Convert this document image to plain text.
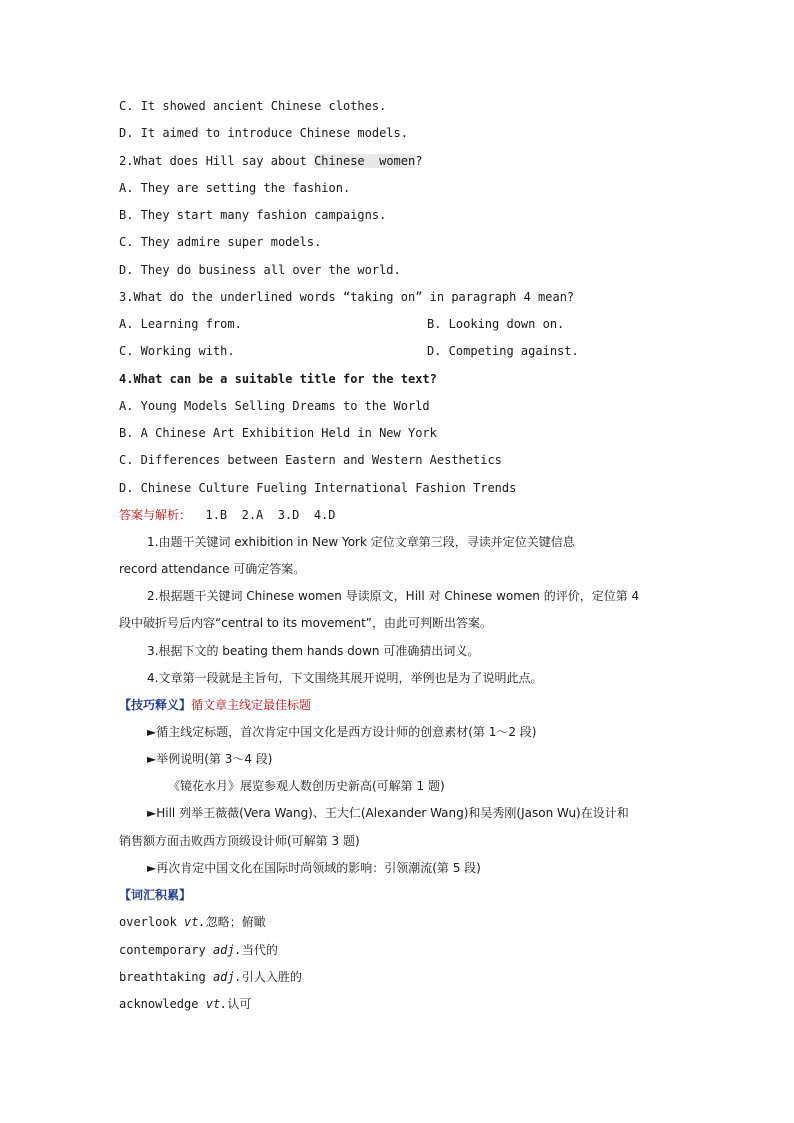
C. It showed ancient Chinese clothes.
D. It aimed to introduce Chinese models.
2.What does Hill say about Chinese  women?
A. They are setting the fashion.
B. They start many fashion campaigns.
C. They admire super models.
D. They do business all over the world.
3.What do the underlined words “taking on” in paragraph 4 mean?
A. Learning from.	B. Looking down on.
C. Working with.	D. Competing against.
4.What can be a suitable title for the text?
A. Young Models Selling Dreams to the World
B. A Chinese Art Exhibition Held in New York
C. Differences between Eastern and Western Aesthetics
D. Chinese Culture Fueling International Fashion Trends
答案与解析：  1.B  2.A  3.D  4.D
1.由题干关键词 exhibition in New York 定位文章第三段，寻读并定位关键信息
record attendance 可确定答案。
2.根据题干关键词 Chinese women 导读原文，Hill 对 Chinese women 的评价，定位第 4
段中破折号后内容“central to its movement”，由此可判断出答案。
3.根据下文的 beating them hands down 可准确猜出词义。
4.文章第一段就是主旨句，下文围绕其展开说明，举例也是为了说明此点。
【技巧释义】循文章主线定最佳标题
►循主线定标题，首次肯定中国文化是西方设计师的创意素材(第 1～2 段)
►举例说明(第 3～4 段)
《镜花水月》展览参观人数创历史新高(可解第 1 题)
►Hill 列举王薇薇(Vera Wang)、王大仁(Alexander Wang)和吴秀刚(Jason Wu)在设计和
销售额方面击败西方顶级设计师(可解第 3 题)
►再次肯定中国文化在国际时尚领域的影响：引领潮流(第 5 段)
【词汇积累】
overlook vt.忽略；俯瞰
contemporary adj.当代的
breathtaking adj.引人入胜的
acknowledge vt.认可
